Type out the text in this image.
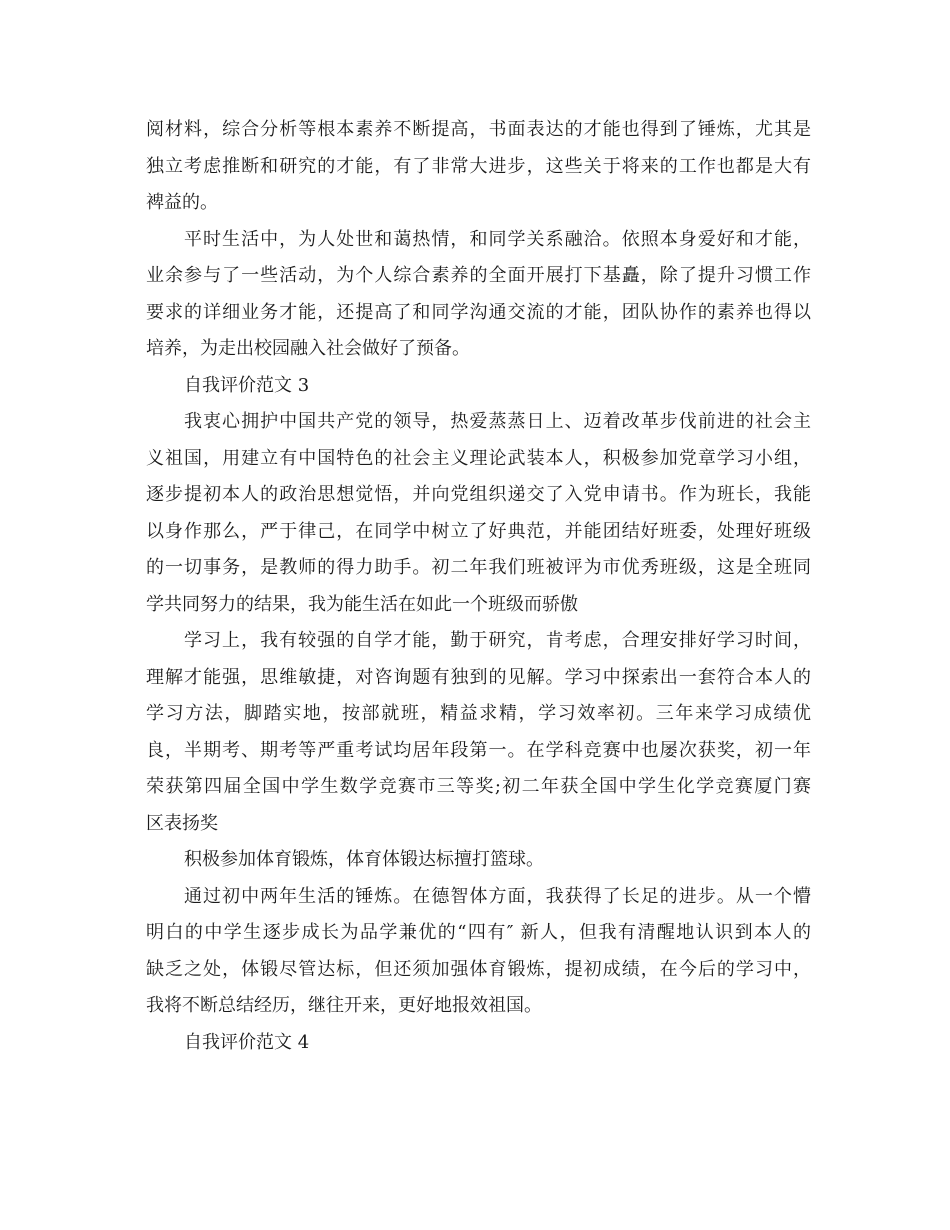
阅材料，综合分析等根本素养不断提高，书面表达的才能也得到了锤炼，尤其是
独立考虑推断和研究的才能，有了非常大进步，这些关于将来的工作也都是大有
裨益的。
平时生活中，为人处世和蔼热情，和同学关系融洽。依照本身爱好和才能，
业余参与了一些活动，为个人综合素养的全面开展打下基矗，除了提升习惯工作
要求的详细业务才能，还提高了和同学沟通交流的才能，团队协作的素养也得以
培养，为走出校园融入社会做好了预备。
自我评价范文 3
我衷心拥护中国共产党的领导，热爱蒸蒸日上、迈着改革步伐前进的社会主
义祖国，用建立有中国特色的社会主义理论武装本人，积极参加党章学习小组，
逐步提初本人的政治思想觉悟，并向党组织递交了入党申请书。作为班长，我能
以身作那么，严于律己，在同学中树立了好典范，并能团结好班委，处理好班级
的一切事务，是教师的得力助手。初二年我们班被评为市优秀班级，这是全班同
学共同努力的结果，我为能生活在如此一个班级而骄傲
学习上，我有较强的自学才能，勤于研究，肯考虑，合理安排好学习时间，
理解才能强，思维敏捷，对咨询题有独到的见解。学习中探索出一套符合本人的
学习方法，脚踏实地，按部就班，精益求精，学习效率初。三年来学习成绩优
良，半期考、期考等严重考试均居年段第一。在学科竞赛中也屡次获奖，初一年
荣获第四届全国中学生数学竞赛市三等奖;初二年获全国中学生化学竞赛厦门赛
区表扬奖
积极参加体育锻炼，体育体锻达标擅打篮球。
通过初中两年生活的锤炼。在德智体方面，我获得了长足的进步。从一个懵
明白的中学生逐步成长为品学兼优的“四有″ 新人，但我有清醒地认识到本人的
缺乏之处，体锻尽管达标，但还须加强体育锻炼，提初成绩，在今后的学习中，
我将不断总结经历，继往开来，更好地报效祖国。
自我评价范文 4
